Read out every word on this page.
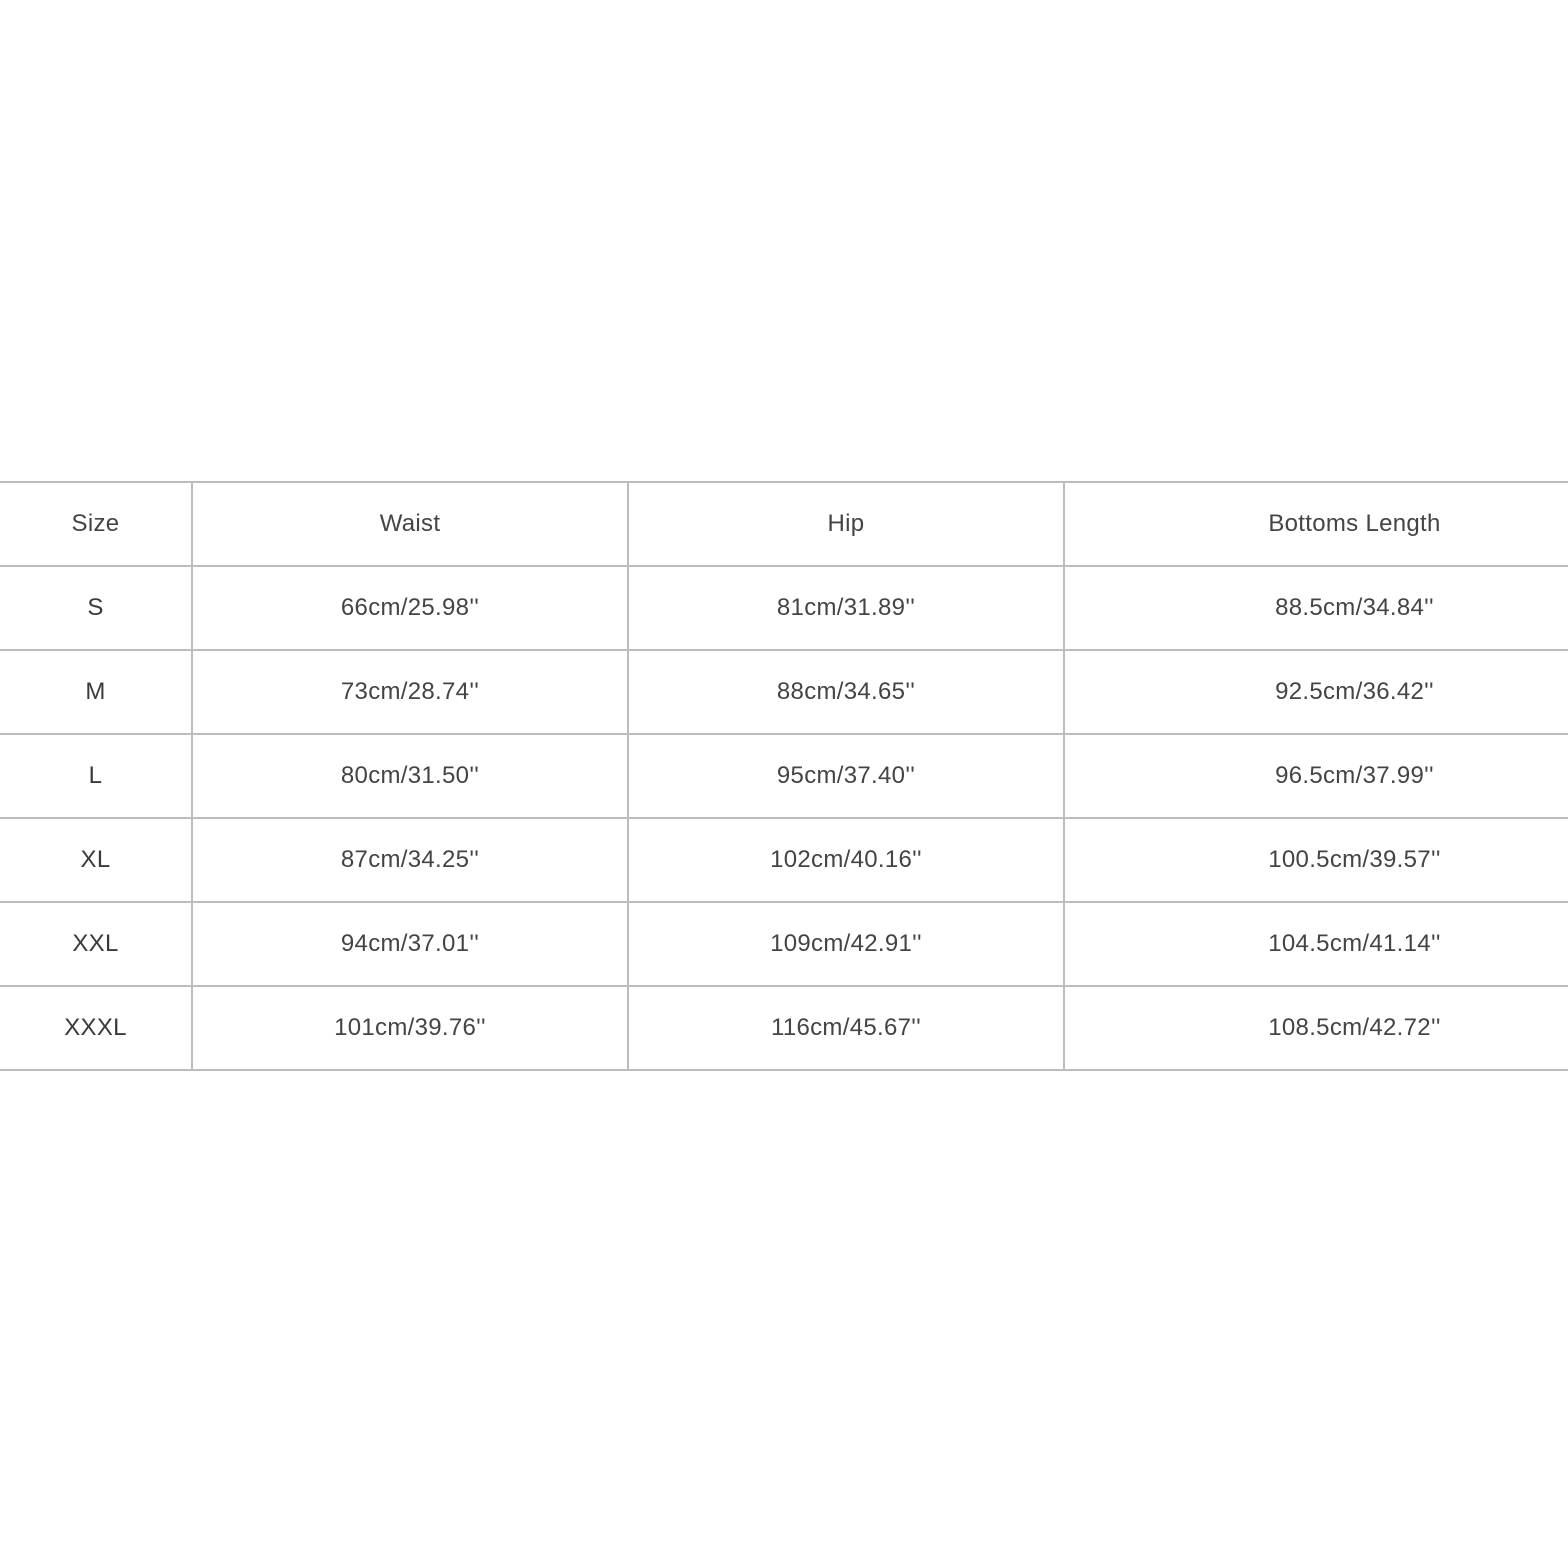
Size	Waist	Hip	Bottoms Length
S	66cm/25.98''	81cm/31.89''	88.5cm/34.84''
M	73cm/28.74''	88cm/34.65''	92.5cm/36.42''
L	80cm/31.50''	95cm/37.40''	96.5cm/37.99''
XL	87cm/34.25''	102cm/40.16''	100.5cm/39.57''
XXL	94cm/37.01''	109cm/42.91''	104.5cm/41.14''
XXXL	101cm/39.76''	116cm/45.67''	108.5cm/42.72''
